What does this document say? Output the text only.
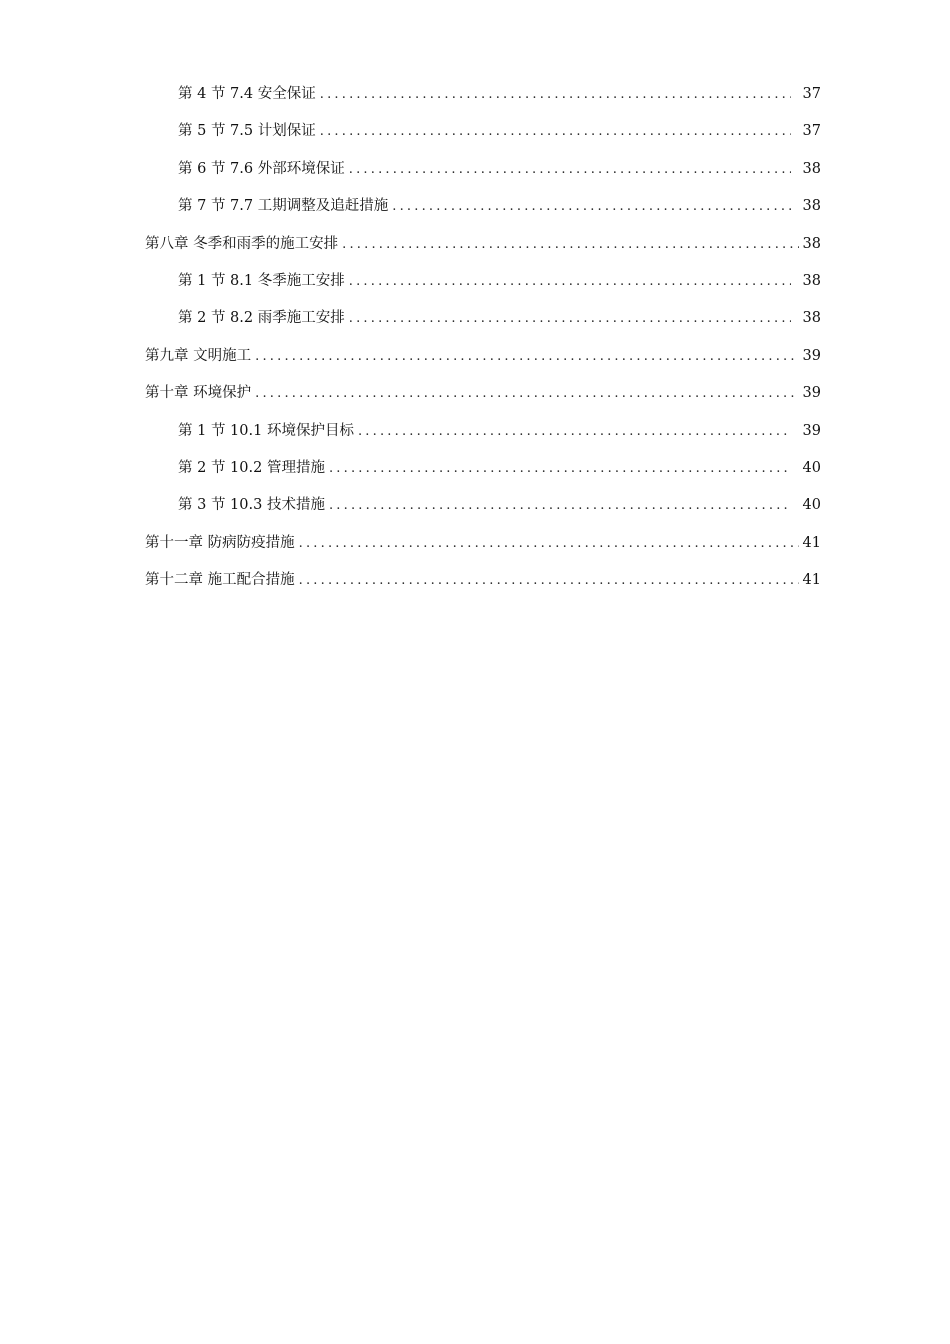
第 4 节 7.4 安全保证 .....	37
第 5 节 7.5 计划保证 .....	37
第 6 节 7.6 外部环境保证 .....	38
第 7 节 7.7 工期调整及追赶措施 .....	38
第八章 冬季和雨季的施工安排 .....	38
第 1 节 8.1 冬季施工安排 .....	38
第 2 节 8.2 雨季施工安排 .....	38
第九章 文明施工 .....	39
第十章 环境保护 .....	39
第 1 节 10.1 环境保护目标 .....	39
第 2 节 10.2 管理措施 .....	40
第 3 节 10.3 技术措施 .....	40
第十一章 防病防疫措施 .....	41
第十二章 施工配合措施 .....	41
